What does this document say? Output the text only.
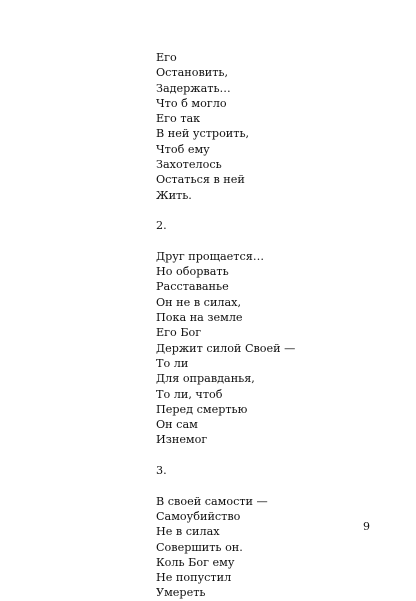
Его
Остановить,
Задержать…
Что б могло
Его так
В ней устроить,
Чтоб ему
Захотелось
Остаться в ней
Жить.
2.
Друг прощается…
Но оборвать
Расставанье
Он не в силах,
Пока на земле
Его Бог
Держит силой Своей —
То ли
Для оправданья,
То ли, чтоб
Перед смертью
Он сам
Изнемог
3.
В своей самости —
Самоубийство
Не в силах
Совершить он.
Коль Бог ему
Не попустил
Умереть
9
